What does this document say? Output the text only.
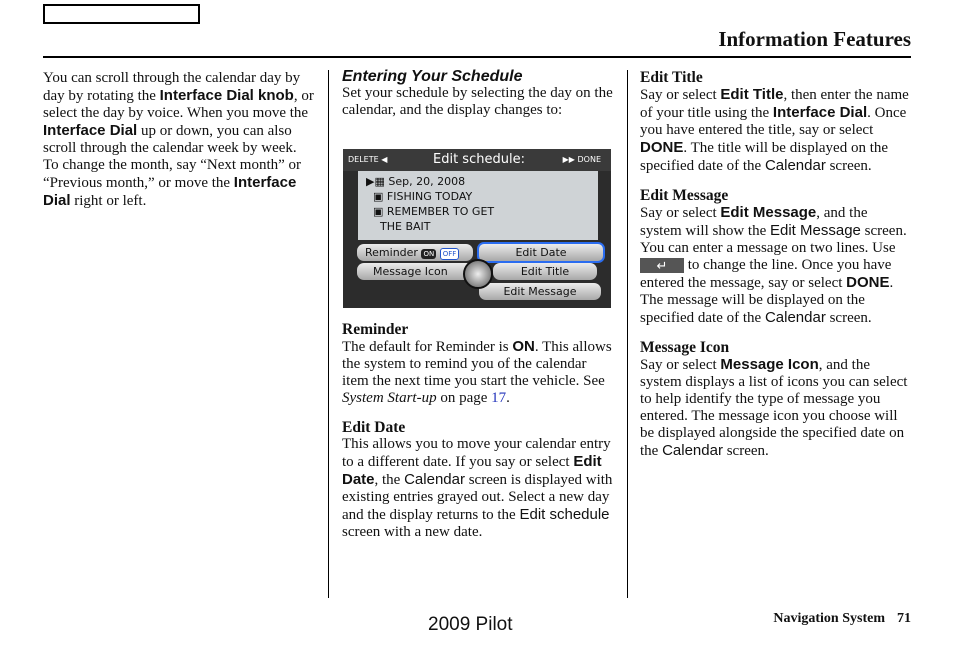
Information Features

You can scroll through the calendar day by day by rotating the Interface Dial knob, or select the day by voice. When you move the Interface Dial up or down, you can also scroll through the calendar week by week. To change the month, say “Next month” or “Previous month,” or move the Interface Dial right or left.

Entering Your Schedule

Set your schedule by selecting the day on the calendar, and the display changes to:

DELETE ◀	Edit schedule:	▶▶ DONE
▶▦ Sep, 20, 2008
▣ FISHING TODAY
▣ REMEMBER TO GET
THE BAIT
Reminder ON OFF
Message Icon
Edit Date
Edit Title
Edit Message

Reminder

The default for Reminder is ON. This allows the system to remind you of the calendar item the next time you start the vehicle. See System Start-up on page 17.

Edit Date

This allows you to move your calendar entry to a different date. If you say or select Edit Date, the Calendar screen is displayed with existing entries grayed out. Select a new day and the display returns to the Edit schedule screen with a new date.

Edit Title

Say or select Edit Title, then enter the name of your title using the Interface Dial. Once you have entered the title, say or select DONE. The title will be displayed on the specified date of the Calendar screen.

Edit Message

Say or select Edit Message, and the system will show the Edit Message screen. You can enter a message on two lines. Use ↵ to change the line. Once you have entered the message, say or select DONE. The message will be displayed on the specified date of the Calendar screen.

Message Icon

Say or select Message Icon, and the system displays a list of icons you can select to help identify the type of message you entered. The message icon you choose will be displayed alongside the specified date on the Calendar screen.

2009 Pilot	Navigation System 71
